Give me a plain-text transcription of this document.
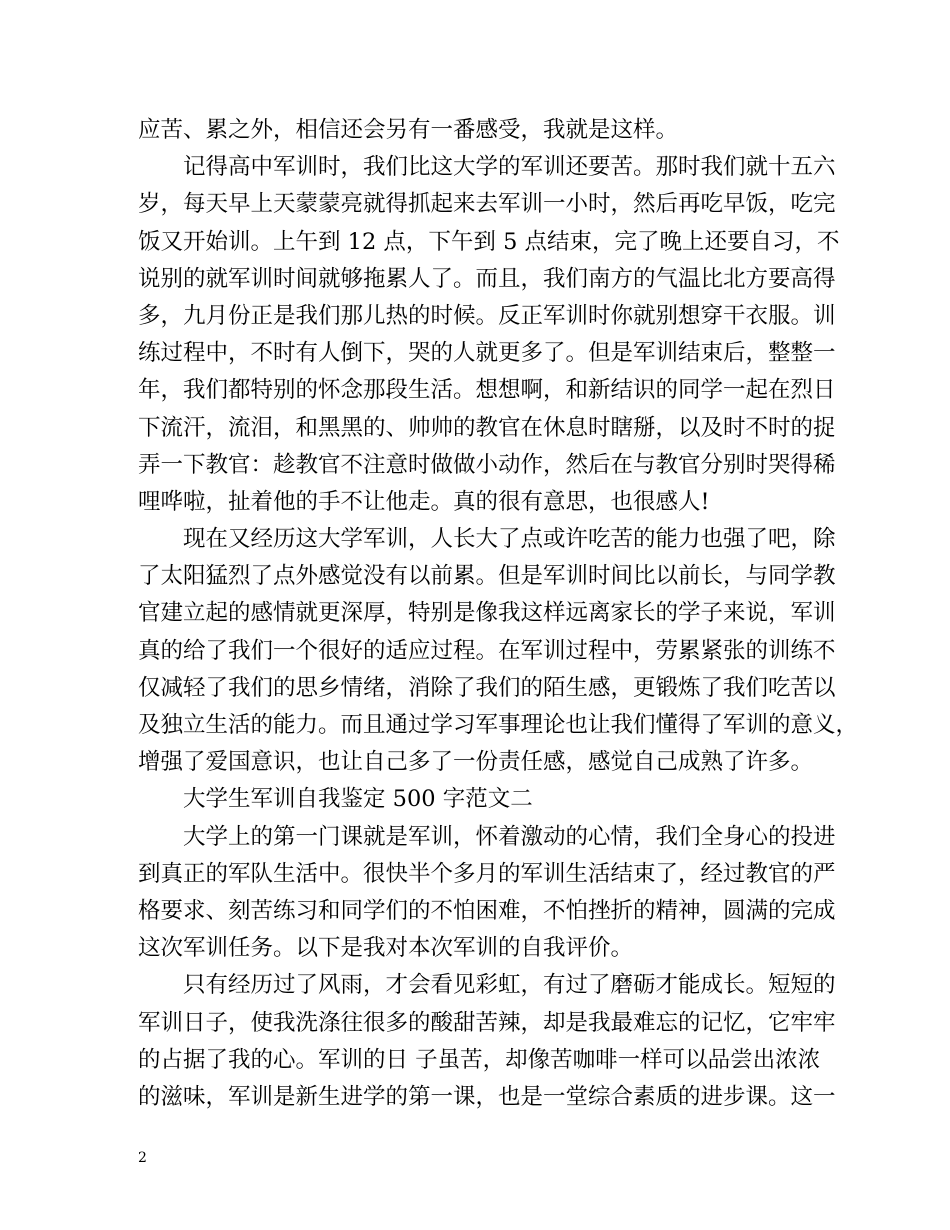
应苦、累之外，相信还会另有一番感受，我就是这样。
记得高中军训时，我们比这大学的军训还要苦。那时我们就十五六
岁，每天早上天蒙蒙亮就得抓起来去军训一小时，然后再吃早饭，吃完
饭又开始训。上午到 12 点，下午到 5 点结束，完了晚上还要自习，不
说别的就军训时间就够拖累人了。而且，我们南方的气温比北方要高得
多，九月份正是我们那儿热的时候。反正军训时你就别想穿干衣服。训
练过程中，不时有人倒下，哭的人就更多了。但是军训结束后，整整一
年，我们都特别的怀念那段生活。想想啊，和新结识的同学一起在烈日
下流汗，流泪，和黑黑的、帅帅的教官在休息时瞎掰，以及时不时的捉
弄一下教官：趁教官不注意时做做小动作，然后在与教官分别时哭得稀
哩哗啦，扯着他的手不让他走。真的很有意思，也很感人!
现在又经历这大学军训，人长大了点或许吃苦的能力也强了吧，除
了太阳猛烈了点外感觉没有以前累。但是军训时间比以前长，与同学教
官建立起的感情就更深厚，特别是像我这样远离家长的学子来说，军训
真的给了我们一个很好的适应过程。在军训过程中，劳累紧张的训练不
仅减轻了我们的思乡情绪，消除了我们的陌生感，更锻炼了我们吃苦以
及独立生活的能力。而且通过学习军事理论也让我们懂得了军训的意义，
增强了爱国意识，也让自己多了一份责任感，感觉自己成熟了许多。
大学生军训自我鉴定 500 字范文二
大学上的第一门课就是军训，怀着激动的心情，我们全身心的投进
到真正的军队生活中。很快半个多月的军训生活结束了，经过教官的严
格要求、刻苦练习和同学们的不怕困难，不怕挫折的精神，圆满的完成
这次军训任务。以下是我对本次军训的自我评价。
只有经历过了风雨，才会看见彩虹，有过了磨砺才能成长。短短的
军训日子，使我洗涤往很多的酸甜苦辣，却是我最难忘的记忆，它牢牢
的占据了我的心。军训的日 子虽苦，却像苦咖啡一样可以品尝出浓浓
的滋味，军训是新生进学的第一课，也是一堂综合素质的进步课。这一
2
